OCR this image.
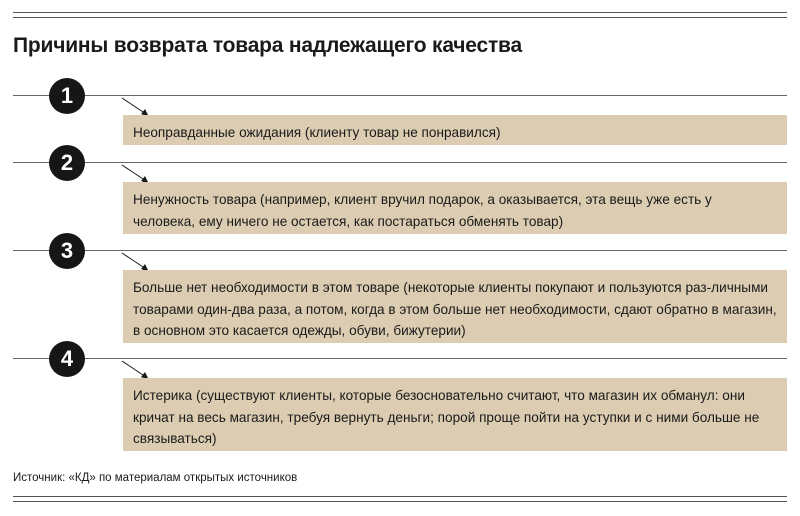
Причины возврата товара надлежащего качества
1
Неоправданные ожидания (клиенту товар не понравился)
2
Ненужность товара (например, клиент вручил подарок, а оказывается, эта вещь уже есть у человека, ему ничего не остается, как постараться обменять товар)
3
Больше нет необходимости в этом товаре (некоторые клиенты покупают и пользуются раз-личными товарами один-два раза, а потом, когда в этом больше нет необходимости, сдают обратно в магазин, в основном это касается одежды, обуви, бижутерии)
4
Истерика (существуют клиенты, которые безосновательно считают, что магазин их обманул: они кричат на весь магазин, требуя вернуть деньги; порой проще пойти на уступки и с ними больше не связываться)
Источник: «КД» по материалам открытых источников
